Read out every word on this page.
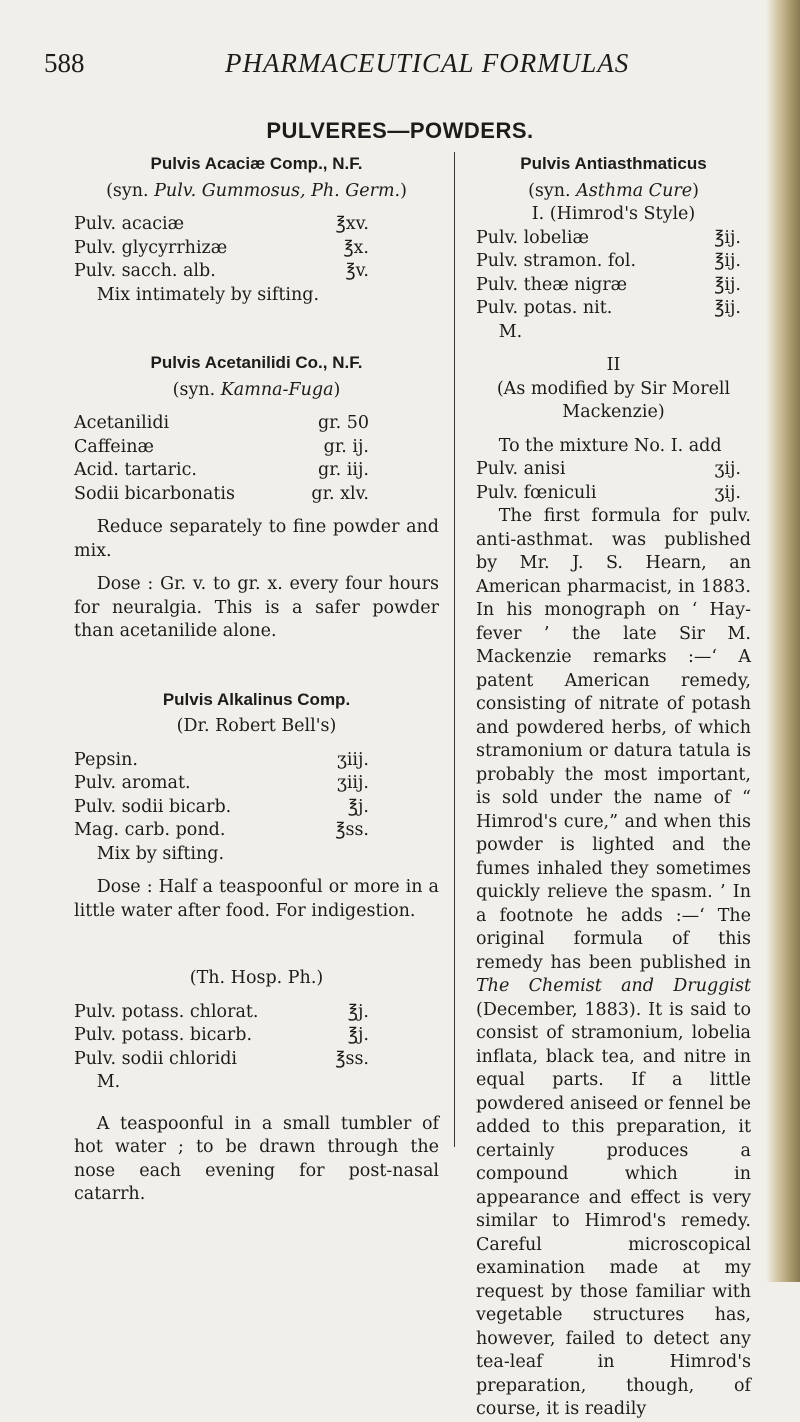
588	PHARMACEUTICAL FORMULAS
PULVERES—POWDERS.
Pulvis Acaciæ Comp., N.F.

(syn. Pulv. Gummosus, Ph. Germ.)

Pulv. acaciæ	℥xv.
Pulv. glycyrrhizæ	℥x.
Pulv. sacch. alb.	℥v.

Mix intimately by sifting.

Pulvis Acetanilidi Co., N.F.

(syn. Kamna-Fuga)

Acetanilidi	gr. 50
Caffeinæ	gr. ij.
Acid. tartaric.	gr. iij.
Sodii bicarbonatis	gr. xlv.

Reduce separately to fine powder and mix.

Dose : Gr. v. to gr. x. every four hours for neuralgia. This is a safer powder than acetanilide alone.

Pulvis Alkalinus Comp.

(Dr. Robert Bell's)

Pepsin.	ʒiij.
Pulv. aromat.	ʒiij.
Pulv. sodii bicarb.	℥j.
Mag. carb. pond.	℥ss.

Mix by sifting.

Dose : Half a teaspoonful or more in a little water after food. For indigestion.

(Th. Hosp. Ph.)

Pulv. potass. chlorat.	℥j.
Pulv. potass. bicarb.	℥j.
Pulv. sodii chloridi	℥ss.

M.

A teaspoonful in a small tumbler of hot water ; to be drawn through the nose each evening for post-nasal catarrh.

Pulvis Antiasthmaticus

(syn. Asthma Cure)

I. (Himrod's Style)

Pulv. lobeliæ	℥ij.
Pulv. stramon. fol.	℥ij.
Pulv. theæ nigræ	℥ij.
Pulv. potas. nit.	℥ij.

M.

II

(As modified by Sir Morell Mackenzie)

To the mixture No. I. add

Pulv. anisi	ʒij.
Pulv. fœniculi	ʒij.

The first formula for pulv. anti-asthmat. was published by Mr. J. S. Hearn, an American pharmacist, in 1883. In his monograph on ‘ Hay-fever ’ the late Sir M. Mackenzie remarks :—‘ A patent American remedy, consisting of nitrate of potash and powdered herbs, of which stramonium or datura tatula is probably the most important, is sold under the name of “ Himrod's cure,” and when this powder is lighted and the fumes inhaled they sometimes quickly relieve the spasm. ’ In a footnote he adds :—‘ The original formula of this remedy has been published in The Chemist and Druggist (December, 1883). It is said to consist of stramonium, lobelia inflata, black tea, and nitre in equal parts. If a little powdered aniseed or fennel be added to this preparation, it certainly produces a compound which in appearance and effect is very similar to Himrod's remedy. Careful microscopical examination made at my request by those familiar with vegetable structures has, however, failed to detect any tea-leaf in Himrod's preparation, though, of course, it is readily
